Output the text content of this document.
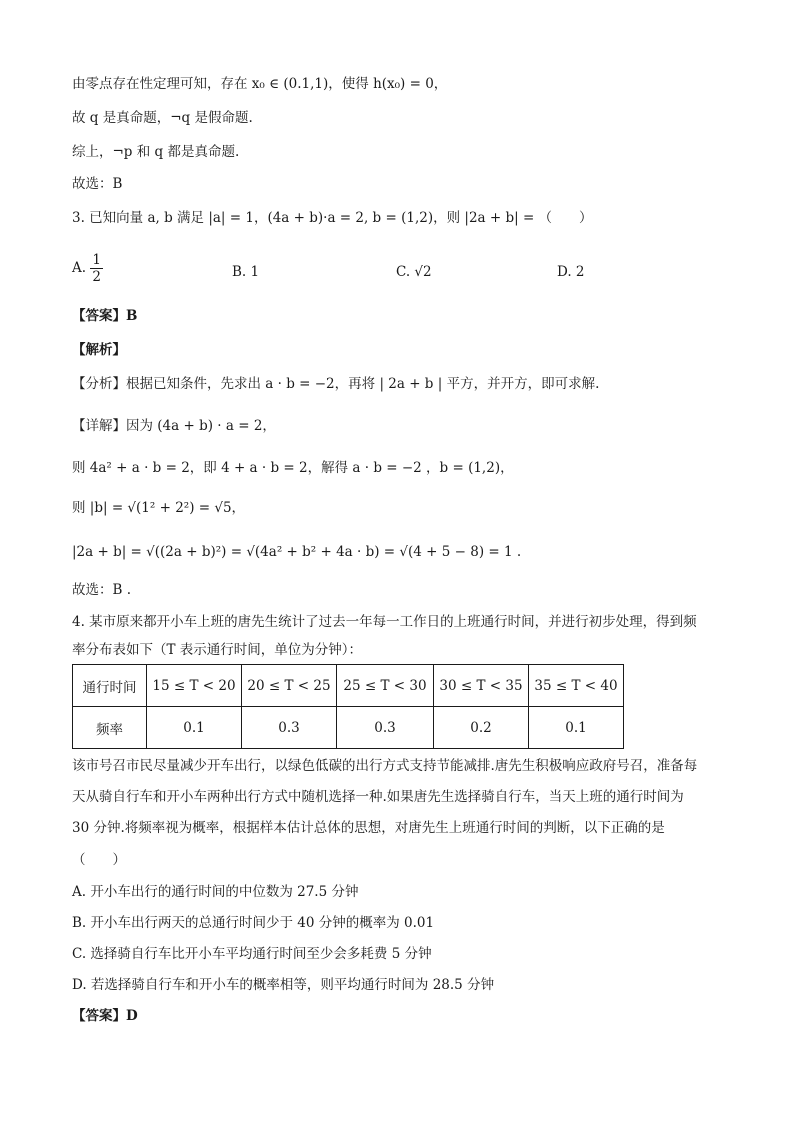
由零点存在性定理可知，存在 x₀ ∈ (0.1,1)，使得 h(x₀) = 0，
故 q 是真命题，¬q 是假命题.
综上，¬p 和 q 都是真命题.
故选：B
3. 已知向量 a, b 满足 |a| = 1，(4a + b)·a = 2, b = (1,2)，则 |2a + b| = （　　）
A. $\frac{1}{2}$	B. 1	C. √2	D. 2
【答案】B
【解析】
【分析】根据已知条件，先求出 a · b = −2，再将 | 2a + b | 平方，并开方，即可求解.
【详解】因为 (4a + b) · a = 2，
则 4a² + a · b = 2，即 4 + a · b = 2，解得 a · b = −2 ，b = (1,2)，
则 |b| = √(1² + 2²) = √5，
|2a + b| = √((2a + b)²) = √(4a² + b² + 4a · b) = √(4 + 5 − 8) = 1 .
故选：B .
4. 某市原来都开小车上班的唐先生统计了过去一年每一工作日的上班通行时间，并进行初步处理，得到频
率分布表如下（T 表示通行时间，单位为分钟）：
通行时间	15 ≤ T < 20	20 ≤ T < 25	25 ≤ T < 30	30 ≤ T < 35	35 ≤ T < 40
频率	0.1	0.3	0.3	0.2	0.1
该市号召市民尽量减少开车出行，以绿色低碳的出行方式支持节能减排.唐先生积极响应政府号召，准备每
天从骑自行车和开小车两种出行方式中随机选择一种.如果唐先生选择骑自行车，当天上班的通行时间为
30 分钟.将频率视为概率，根据样本估计总体的思想，对唐先生上班通行时间的判断，以下正确的是
（　　）
A. 开小车出行的通行时间的中位数为 27.5 分钟
B. 开小车出行两天的总通行时间少于 40 分钟的概率为 0.01
C. 选择骑自行车比开小车平均通行时间至少会多耗费 5 分钟
D. 若选择骑自行车和开小车的概率相等，则平均通行时间为 28.5 分钟
【答案】D
